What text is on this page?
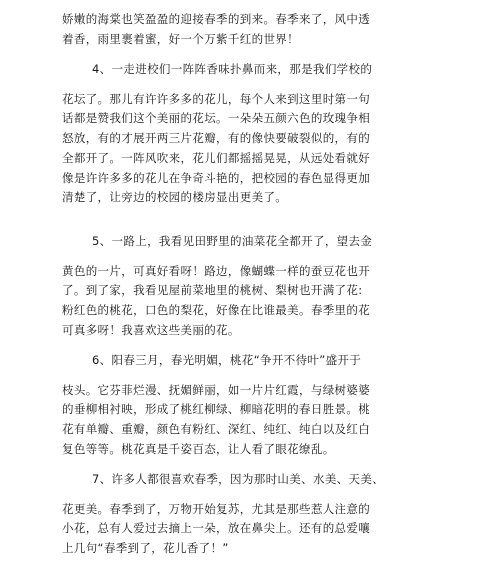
娇嫩的海棠也笑盈盈的迎接春季的到来。春季来了，风中透
着香，雨里裹着蜜，好一个万紫千红的世界！
4、一走进校们一阵阵香味扑鼻而来，那是我们学校的
花坛了。那儿有许许多多的花儿，每个人来到这里时第一句
话都是赞我们这个美丽的花坛。一朵朵五颜六色的玫瑰争相
怒放，有的才展开两三片花瓣，有的像快要破裂似的，有的
全都开了。一阵风吹来，花儿们都摇摇晃晃，从远处看就好
像是许许多多的花儿在争奇斗艳的，把校园的春色显得更加
清楚了，让旁边的校园的楼房显出更美了。
5、一路上，我看见田野里的油菜花全都开了，望去金
黄色的一片，可真好看呀！路边，像蝴蝶一样的蚕豆花也开
了。到了家，我看见屋前菜地里的桃树、梨树也开满了花:
粉红色的桃花，口色的梨花，好像在比谁最美。春季里的花
可真多呀！我喜欢这些美丽的花。
6、阳春三月，春光明媚，桃花“争开不待叶”盛开于
枝头。它芬菲烂漫、抚媚鲜丽，如一片片红霞，与绿树婆婆
的垂柳相衬映，形成了桃红柳绿、柳暗花明的春日胜景。桃
花有单瓣、重瓣，颜色有粉红、深红、纯红、纯白以及红白
复色等等。桃花真是千姿百态，让人看了眼花缭乱。
7、许多人都很喜欢春季，因为那时山美、水美、天美、
花更美。春季到了，万物开始复苏，尤其是那些惹人注意的
小花，总有人爱过去摘上一朵，放在鼻尖上。还有的总爱嚷
上几句“春季到了，花儿香了！”
